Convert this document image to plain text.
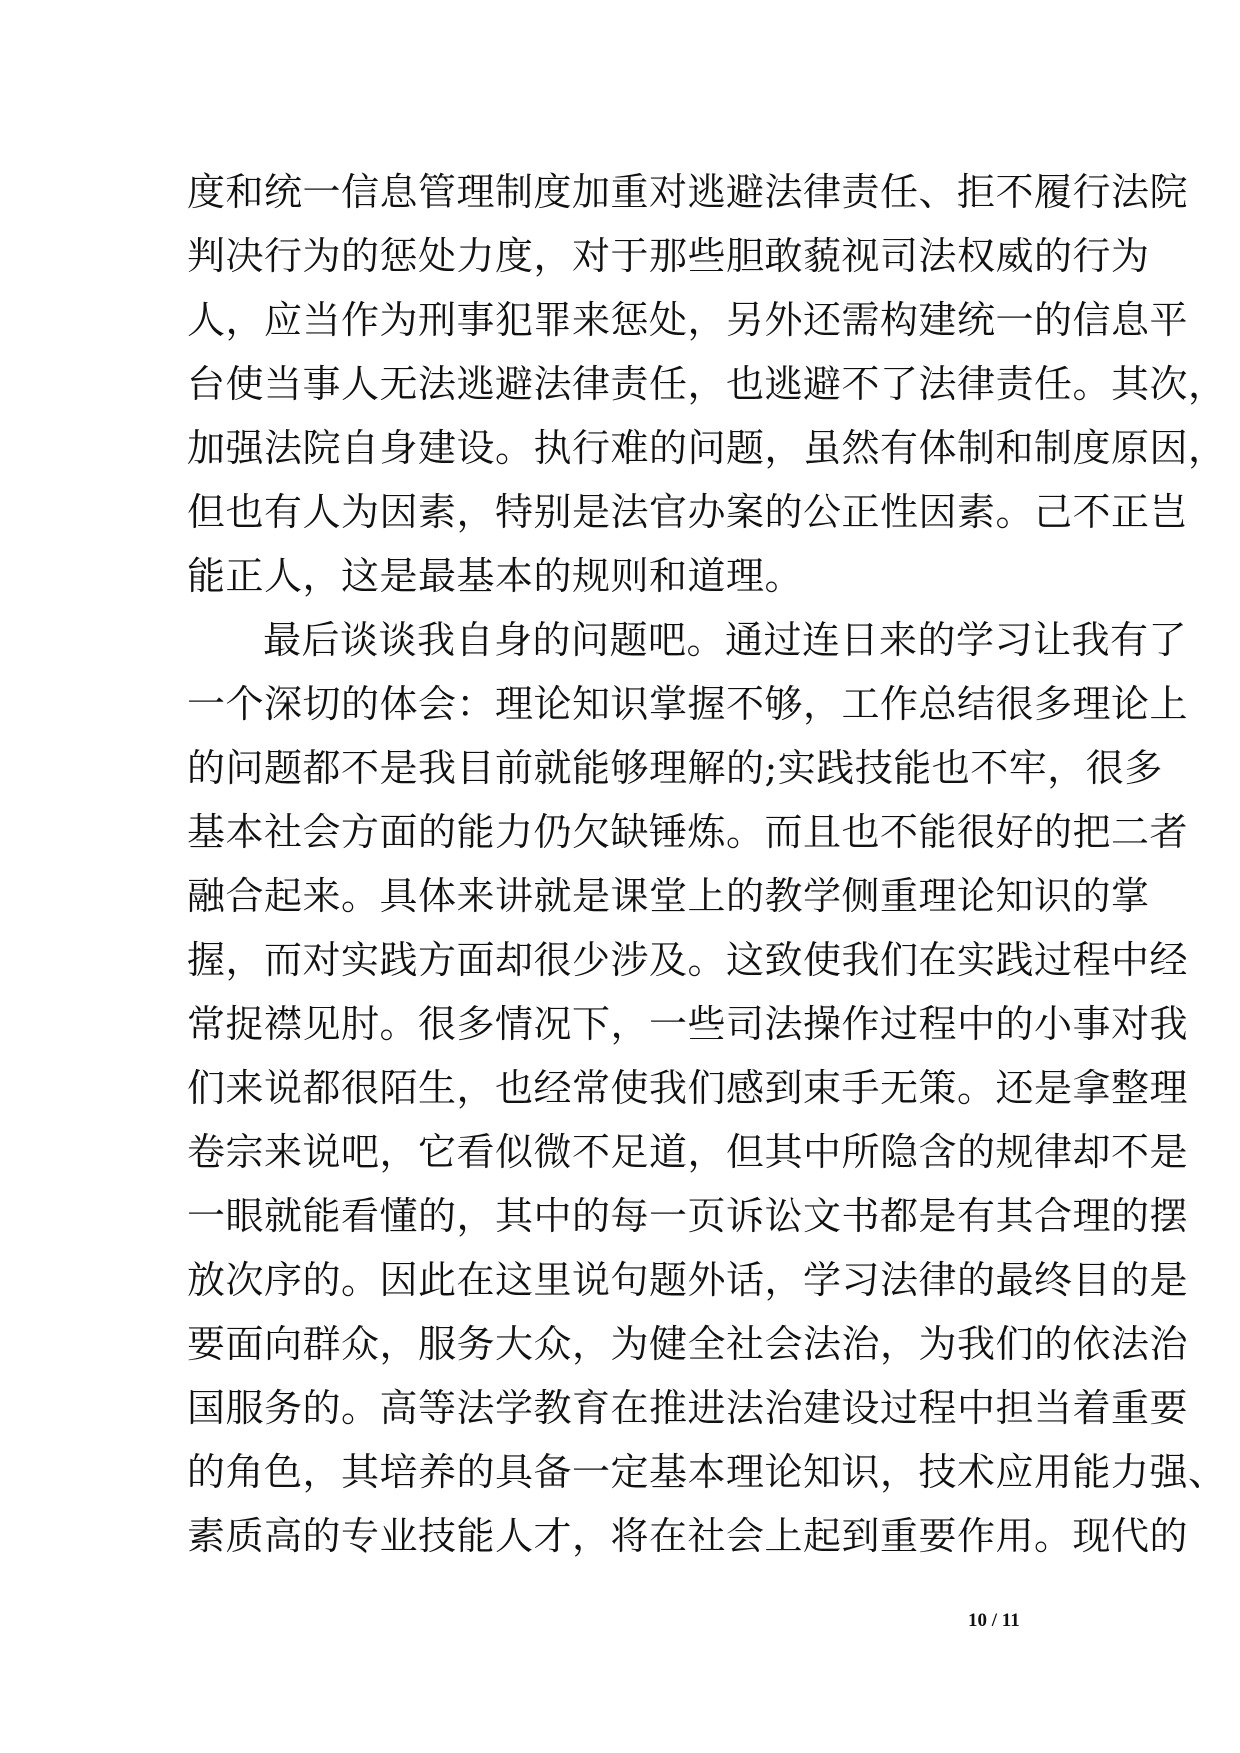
度和统一信息管理制度加重对逃避法律责任、拒不履行法院
判决行为的惩处力度，对于那些胆敢藐视司法权威的行为
人，应当作为刑事犯罪来惩处，另外还需构建统一的信息平
台使当事人无法逃避法律责任，也逃避不了法律责任。其次，
加强法院自身建设。执行难的问题，虽然有体制和制度原因，
但也有人为因素，特别是法官办案的公正性因素。己不正岂
能正人，这是最基本的规则和道理。
最后谈谈我自身的问题吧。通过连日来的学习让我有了
一个深切的体会：理论知识掌握不够，工作总结很多理论上
的问题都不是我目前就能够理解的;实践技能也不牢，很多
基本社会方面的能力仍欠缺锤炼。而且也不能很好的把二者
融合起来。具体来讲就是课堂上的教学侧重理论知识的掌
握，而对实践方面却很少涉及。这致使我们在实践过程中经
常捉襟见肘。很多情况下，一些司法操作过程中的小事对我
们来说都很陌生，也经常使我们感到束手无策。还是拿整理
卷宗来说吧，它看似微不足道，但其中所隐含的规律却不是
一眼就能看懂的，其中的每一页诉讼文书都是有其合理的摆
放次序的。因此在这里说句题外话，学习法律的最终目的是
要面向群众，服务大众，为健全社会法治，为我们的依法治
国服务的。高等法学教育在推进法治建设过程中担当着重要
的角色，其培养的具备一定基本理论知识，技术应用能力强、
素质高的专业技能人才，将在社会上起到重要作用。现代的
10 / 11
